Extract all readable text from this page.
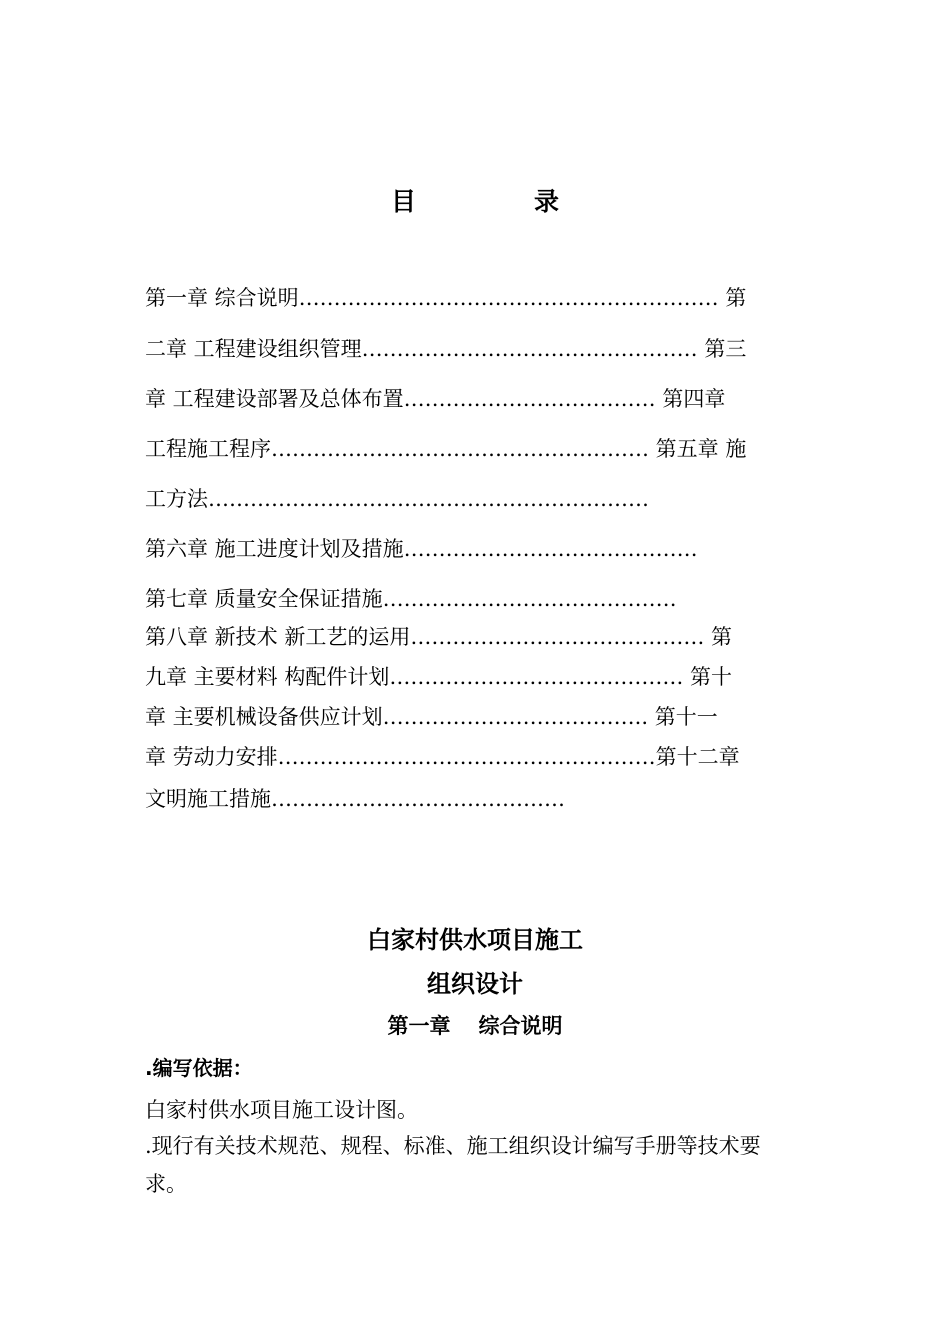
目	录
第一章 综合说明…………………………………………………… 第
二章 工程建设组织管理………………………………………… 第三
章 工程建设部署及总体布置……………………………… 第四章
工程施工程序……………………………………………… 第五章 施
工方法………………………………………………………
第六章 施工进度计划及措施……………………………………
第七章 质量安全保证措施……………………………………
第八章 新技术 新工艺的运用…………………………………… 第
九章 主要材料 构配件计划…………………………………… 第十
章 主要机械设备供应计划……………………………….. 第十一
章 劳动力安排………………………………………………第十二章
文明施工措施……………………………………
白家村供水项目施工
组织设计
第一章 综合说明
.编写依据：
白家村供水项目施工设计图。
.现行有关技术规范、规程、标准、施工组织设计编写手册等技术要
求。
